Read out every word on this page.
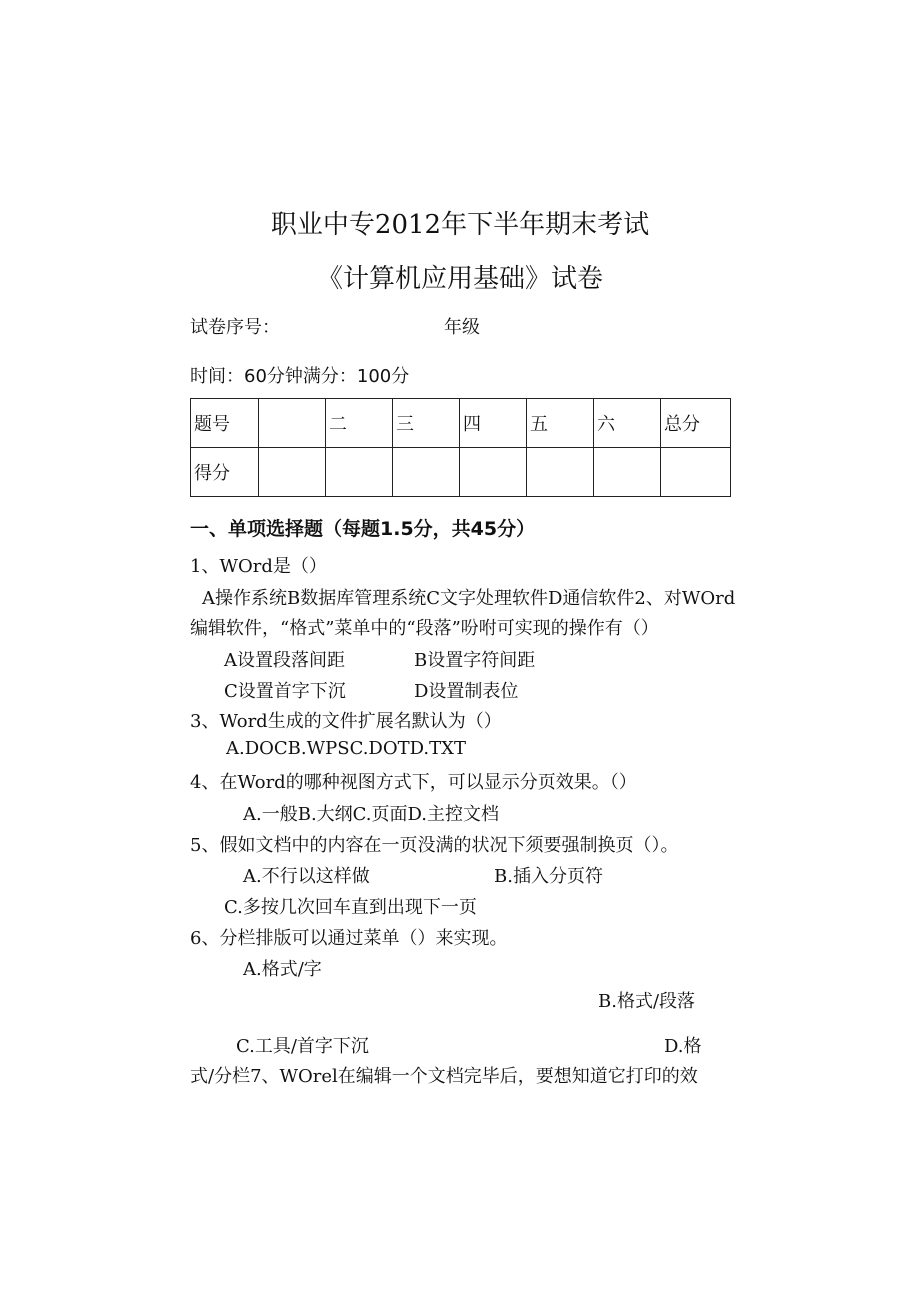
职业中专2012年下半年期末考试
《计算机应用基础》试卷
试卷序号：	年级
时间：60分钟满分：100分
题号		二	三	四	五	六	总分
得分							
一、单项选择题（每题1.5分，共45分）
1、WOrd是（）
A操作系统B数据库管理系统C文字处理软件D通信软件2、对WOrd
编辑软件，“格式”菜单中的“段落”吩咐可实现的操作有（）
A设置段落间距	B设置字符间距
C设置首字下沉	D设置制表位
3、Word生成的文件扩展名默认为（）
A.DOCB.WPSC.DOTD.TXT
4、在Word的哪种视图方式下，可以显示分页效果。（）
A.一般B.大纲C.页面D.主控文档
5、假如文档中的内容在一页没满的状况下须要强制换页（）。
A.不行以这样做	B.插入分页符
C.多按几次回车直到出现下一页
6、分栏排版可以通过菜单（）来实现。
A.格式/字
B.格式/段落
C.工具/首字下沉	D.格
式/分栏7、WOrel在编辑一个文档完毕后，要想知道它打印的效
